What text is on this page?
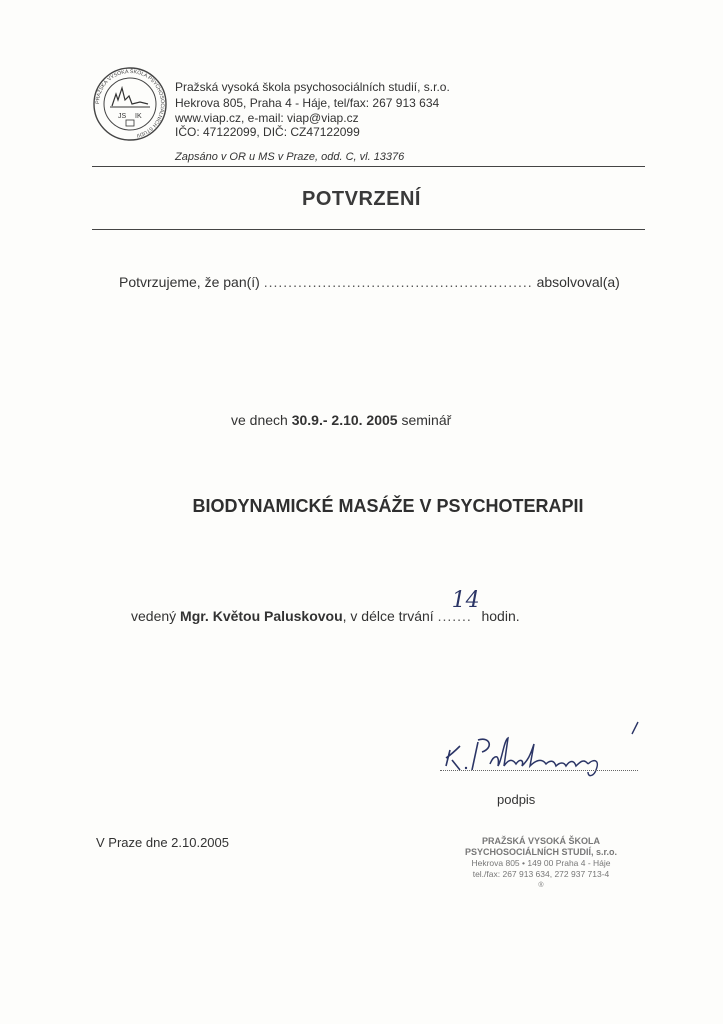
PRAŽSKÁ VYSOKÁ ŠKOLA PSYCHOSOCIÁLNÍCH STUDIÍ
JS IK
Pražská vysoká škola psychosociálních studií, s.r.o.
Hekrova 805, Praha 4 - Háje, tel/fax: 267 913 634
www.viap.cz, e-mail: viap@viap.cz
IČO: 47122099, DIČ: CZ47122099
Zapsáno v OR u MS v Praze, odd. C, vl. 13376
POTVRZENÍ
Potvrzujeme, že pan(í) ....................................................... absolvoval(a)
ve dnech 30.9.- 2.10. 2005 seminář
BIODYNAMICKÉ MASÁŽE V PSYCHOTERAPII
vedený Mgr. Květou Paluskovou, v délce trvání .......
14
hodin.
podpis
V Praze dne 2.10.2005	PRAŽSKÁ VYSOKÁ ŠKOLA
PSYCHOSOCIÁLNÍCH STUDIÍ, s.r.o.
Hekrova 805 • 149 00 Praha 4 - Háje
tel./fax: 267 913 634, 272 937 713-4
®
